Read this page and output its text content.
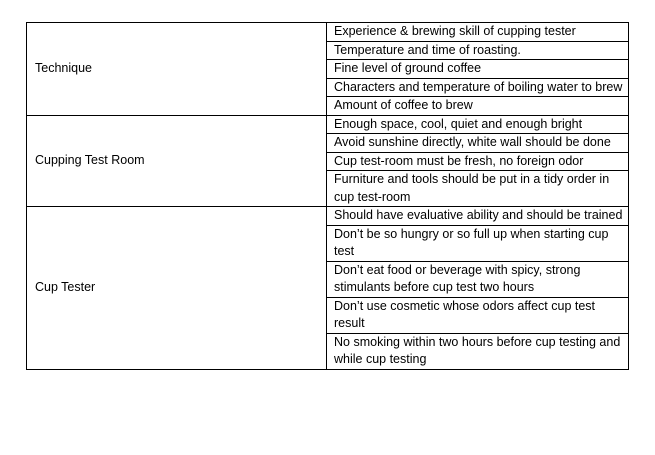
Technique	Experience & brewing skill of cupping tester
	Temperature and time of roasting.
	Fine level of ground coffee
	Characters and temperature of boiling water to brew
	Amount of coffee to brew
Cupping Test Room	Enough space, cool, quiet and enough bright
	Avoid sunshine directly, white wall should be done
	Cup test-room must be fresh, no foreign odor
	Furniture and tools should be put in a tidy order in cup test-room
Cup Tester	Should have evaluative ability and should be trained
	Don’t be so hungry or so full up when starting cup test
	Don’t eat food or beverage with spicy, strong stimulants before cup test two hours
	Don’t use cosmetic whose odors affect cup test result
	No smoking within two hours before cup testing and while cup testing
